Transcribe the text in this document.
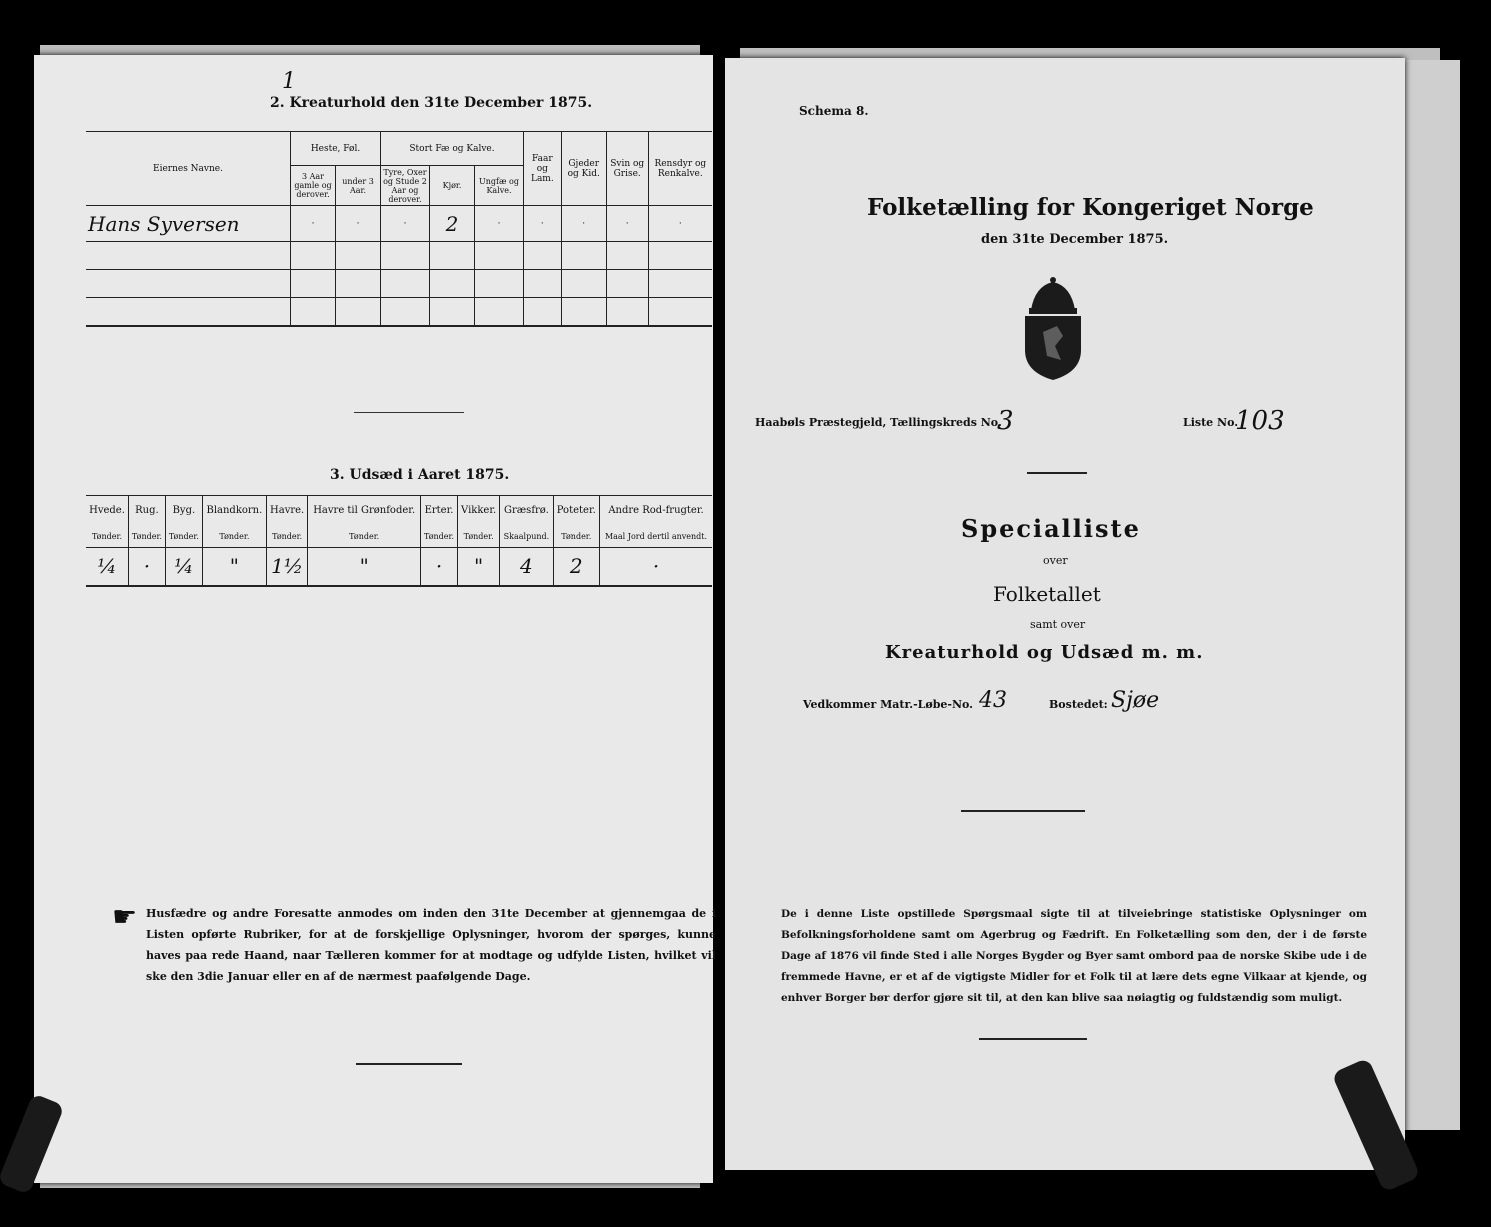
1
2. Kreaturhold den 31te December 1875.
Eiernes Navne.	Heste, Føl.		Stort Fæ og Kalve.			Faar og Lam.	Gjeder og Kid.	Svin og Grise.	Rensdyr og Renkalve.
	3 Aar gamle og derover.	under 3 Aar.	Tyre, Oxer og Stude 2 Aar og derover.	Kjør.	Ungfæ og Kalve.				
Hans Syversen	·	·	·	2	·	·	·	·	·

3. Udsæd i Aaret 1875.
Hvede.	Rug.	Byg.	Blandkorn.	Havre.	Havre til Grønfoder.	Erter.	Vikker.	Græsfrø.	Poteter.	Andre Rod-frugter.
Tønder.	Tønder.	Tønder.	Tønder.	Tønder.	Tønder.	Tønder.	Tønder.	Skaalpund.	Tønder.	Maal Jord dertil anvendt.
¼	·	¼	"	1½	"	·	"	4	2	·
☛ Husfædre og andre Foresatte anmodes om inden den 31te December at gjennemgaa de i Listen opførte Rubriker, for at de forskjellige Oplysninger, hvorom der spørges, kunne haves paa rede Haand, naar Tælleren kommer for at modtage og udfylde Listen, hvilket vil ske den 3die Januar eller en af de nærmest paafølgende Dage.
Schema 8.
Folketælling for Kongeriget Norge
den 31te December 1875.
Haabøls Præstegjeld, Tællingskreds No.
3	Liste No.
103
Specialliste
over
Folketallet
samt over
Kreaturhold og Udsæd m. m.
Vedkommer Matr.-Løbe-No. 43	Bostedet: Sjøe
De i denne Liste opstillede Spørgsmaal sigte til at tilveiebringe statistiske Oplysninger om Befolkningsforholdene samt om Agerbrug og Fædrift. En Folketælling som den, der i de første Dage af 1876 vil finde Sted i alle Norges Bygder og Byer samt ombord paa de norske Skibe ude i de fremmede Havne, er et af de vigtigste Midler for et Folk til at lære dets egne Vilkaar at kjende, og enhver Borger bør derfor gjøre sit til, at den kan blive saa nøiagtig og fuldstændig som muligt.
